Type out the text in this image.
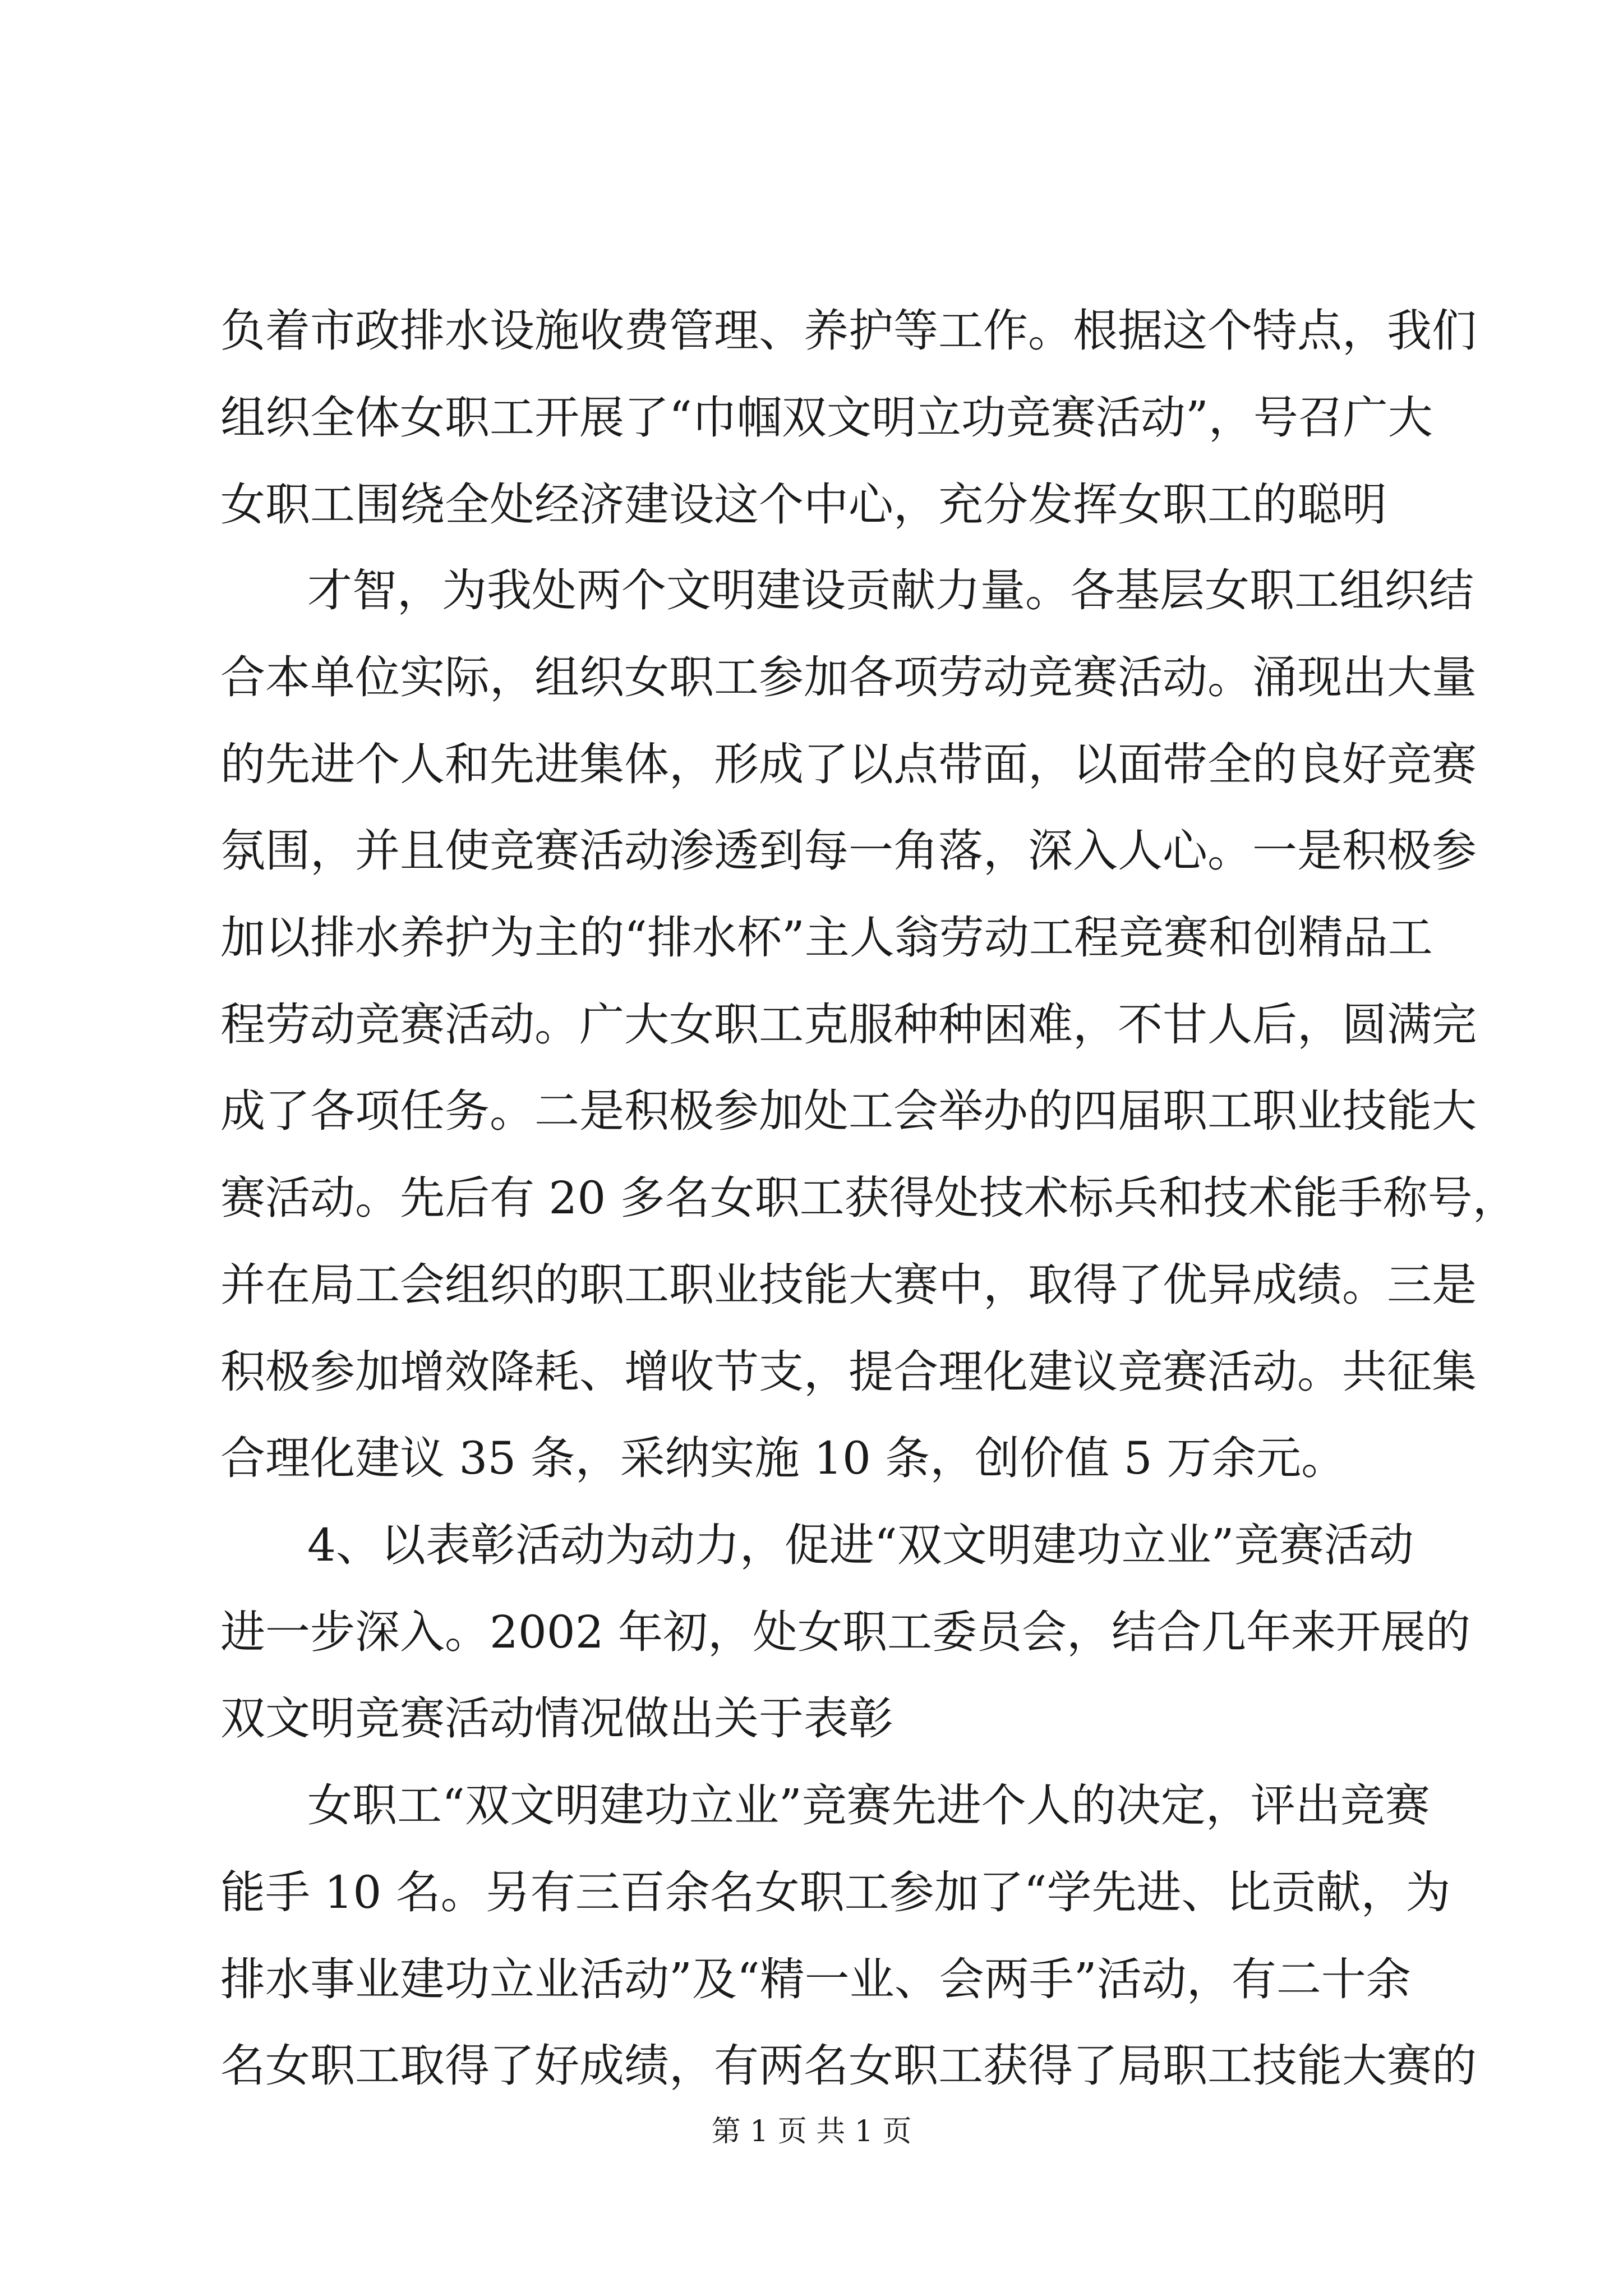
负着市政排水设施收费管理、养护等工作。根据这个特点，我们
组织全体女职工开展了“巾帼双文明立功竞赛活动”，号召广大
女职工围绕全处经济建设这个中心，充分发挥女职工的聪明
才智，为我处两个文明建设贡献力量。各基层女职工组织结
合本单位实际，组织女职工参加各项劳动竞赛活动。涌现出大量
的先进个人和先进集体，形成了以点带面，以面带全的良好竞赛
氛围，并且使竞赛活动渗透到每一角落，深入人心。一是积极参
加以排水养护为主的“排水杯”主人翁劳动工程竞赛和创精品工
程劳动竞赛活动。广大女职工克服种种困难，不甘人后，圆满完
成了各项任务。二是积极参加处工会举办的四届职工职业技能大
赛活动。先后有 20 多名女职工获得处技术标兵和技术能手称号，
并在局工会组织的职工职业技能大赛中，取得了优异成绩。三是
积极参加增效降耗、增收节支，提合理化建议竞赛活动。共征集
合理化建议 35 条，采纳实施 10 条，创价值 5 万余元。
4、以表彰活动为动力，促进“双文明建功立业”竞赛活动
进一步深入。2002 年初，处女职工委员会，结合几年来开展的
双文明竞赛活动情况做出关于表彰
女职工“双文明建功立业”竞赛先进个人的决定，评出竞赛
能手 10 名。另有三百余名女职工参加了“学先进、比贡献，为
排水事业建功立业活动”及“精一业、会两手”活动，有二十余
名女职工取得了好成绩，有两名女职工获得了局职工技能大赛的
第 1 页 共 1 页
